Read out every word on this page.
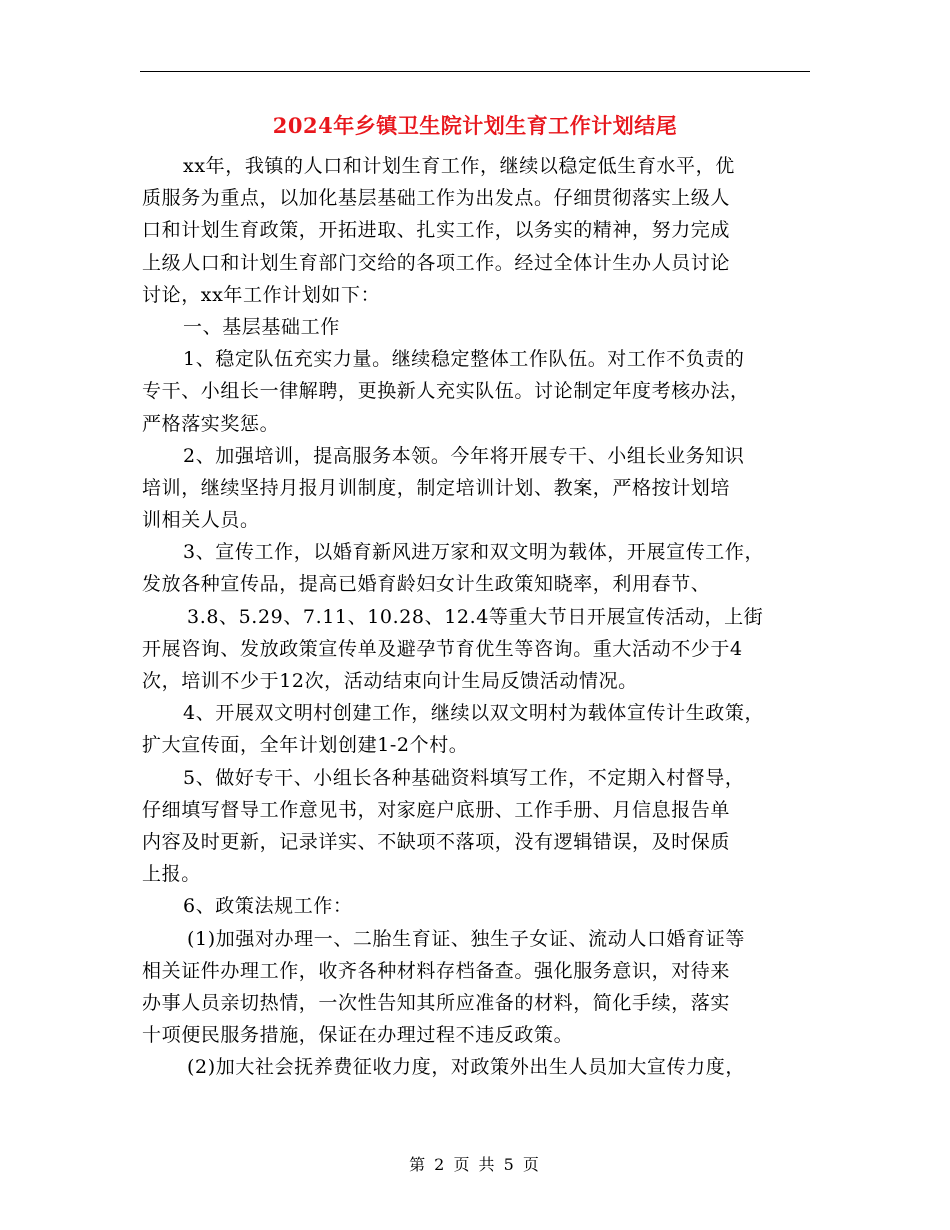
2024年乡镇卫生院计划生育工作计划结尾
xx年，我镇的人口和计划生育工作，继续以稳定低生育水平，优
质服务为重点，以加化基层基础工作为出发点。仔细贯彻落实上级人
口和计划生育政策，开拓进取、扎实工作，以务实的精神，努力完成
上级人口和计划生育部门交给的各项工作。经过全体计生办人员讨论
讨论，xx年工作计划如下：
一、基层基础工作
1、稳定队伍充实力量。继续稳定整体工作队伍。对工作不负责的
专干、小组长一律解聘，更换新人充实队伍。讨论制定年度考核办法，
严格落实奖惩。
2、加强培训，提高服务本领。今年将开展专干、小组长业务知识
培训，继续坚持月报月训制度，制定培训计划、教案，严格按计划培
训相关人员。
3、宣传工作，以婚育新风进万家和双文明为载体，开展宣传工作，
发放各种宣传品，提高已婚育龄妇女计生政策知晓率，利用春节、
3.8、5.29、7.11、10.28、12.4等重大节日开展宣传活动，上街
开展咨询、发放政策宣传单及避孕节育优生等咨询。重大活动不少于4
次，培训不少于12次，活动结束向计生局反馈活动情况。
4、开展双文明村创建工作，继续以双文明村为载体宣传计生政策，
扩大宣传面，全年计划创建1-2个村。
5、做好专干、小组长各种基础资料填写工作，不定期入村督导，
仔细填写督导工作意见书，对家庭户底册、工作手册、月信息报告单
内容及时更新，记录详实、不缺项不落项，没有逻辑错误，及时保质
上报。
6、政策法规工作：
(1)加强对办理一、二胎生育证、独生子女证、流动人口婚育证等
相关证件办理工作，收齐各种材料存档备查。强化服务意识，对待来
办事人员亲切热情，一次性告知其所应准备的材料，简化手续，落实
十项便民服务措施，保证在办理过程不违反政策。
(2)加大社会抚养费征收力度，对政策外出生人员加大宣传力度，
第 2 页 共 5 页
